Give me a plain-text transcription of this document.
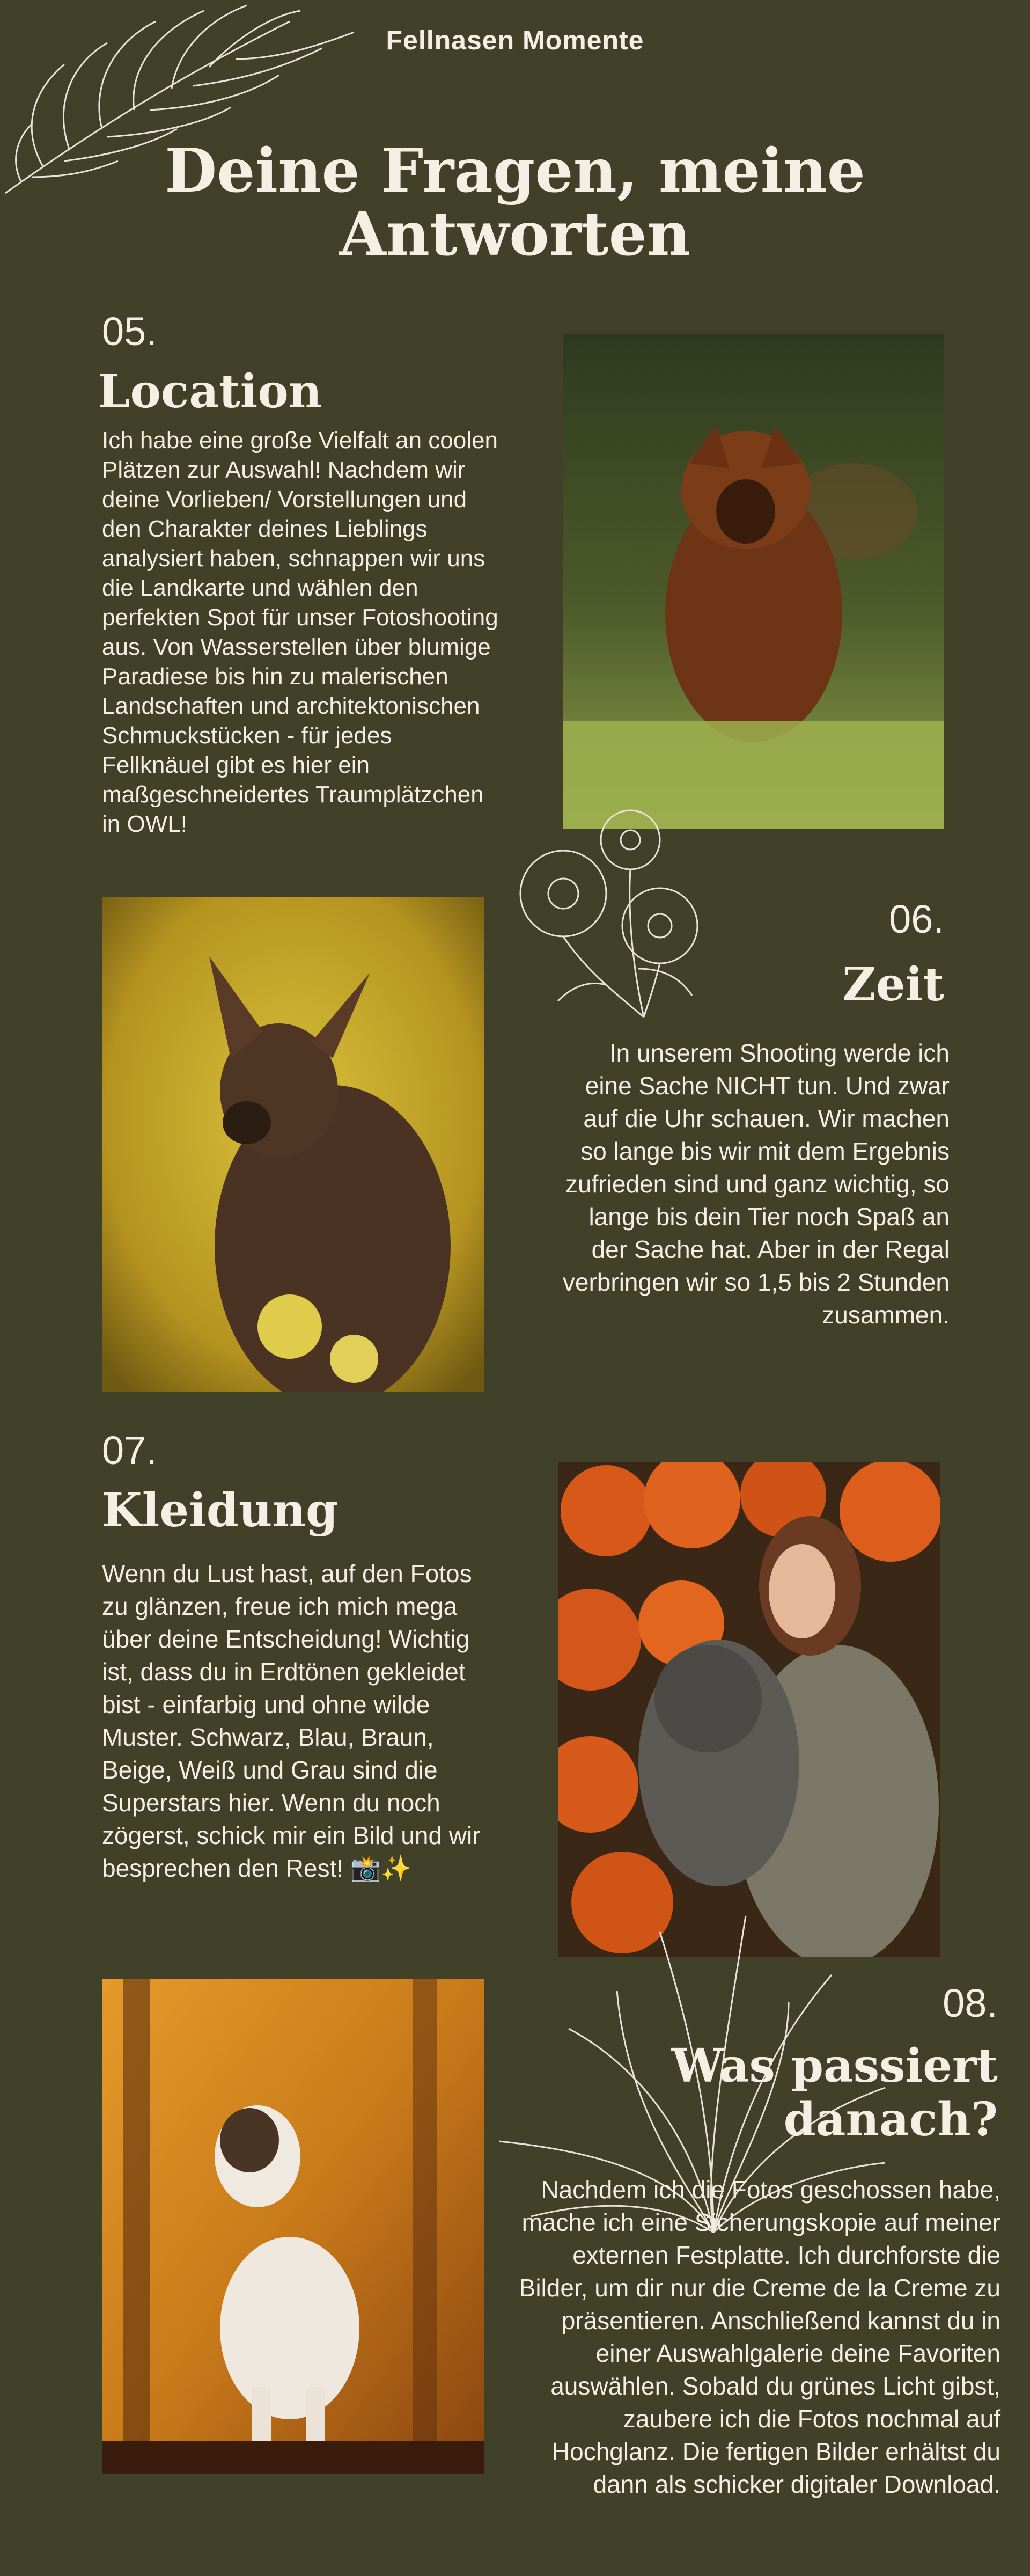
Fellnasen Momente
Deine Fragen, meine Antworten
05.
Location
Ich habe eine große Vielfalt an coolen Plätzen zur Auswahl! Nachdem wir deine Vorlieben/ Vorstellungen und den Charakter deines Lieblings analysiert haben, schnappen wir uns die Landkarte und wählen den perfekten Spot für unser Fotoshooting aus. Von Wasserstellen über blumige Paradiese bis hin zu malerischen Landschaften und architektonischen Schmuckstücken - für jedes Fellknäuel gibt es hier ein maßgeschneidertes Traumplätzchen in OWL!
06.
Zeit
In unserem Shooting werde ich eine Sache NICHT tun. Und zwar auf die Uhr schauen. Wir machen so lange bis wir mit dem Ergebnis zufrieden sind und ganz wichtig, so lange bis dein Tier noch Spaß an der Sache hat. Aber in der Regal verbringen wir so 1,5 bis 2 Stunden zusammen.
07.
Kleidung
Wenn du Lust hast, auf den Fotos zu glänzen, freue ich mich mega über deine Entscheidung! Wichtig ist, dass du in Erdtönen gekleidet bist - einfarbig und ohne wilde Muster. Schwarz, Blau, Braun, Beige, Weiß und Grau sind die Superstars hier. Wenn du noch zögerst, schick mir ein Bild und wir besprechen den Rest! 📸✨
08.
Was passiert danach?
Nachdem ich die Fotos geschossen habe, mache ich eine Sicherungskopie auf meiner externen Festplatte. Ich durchforste die Bilder, um dir nur die Creme de la Creme zu präsentieren. Anschließend kannst du in einer Auswahlgalerie deine Favoriten auswählen. Sobald du grünes Licht gibst, zaubere ich die Fotos nochmal auf Hochglanz. Die fertigen Bilder erhältst du dann als schicker digitaler Download.
